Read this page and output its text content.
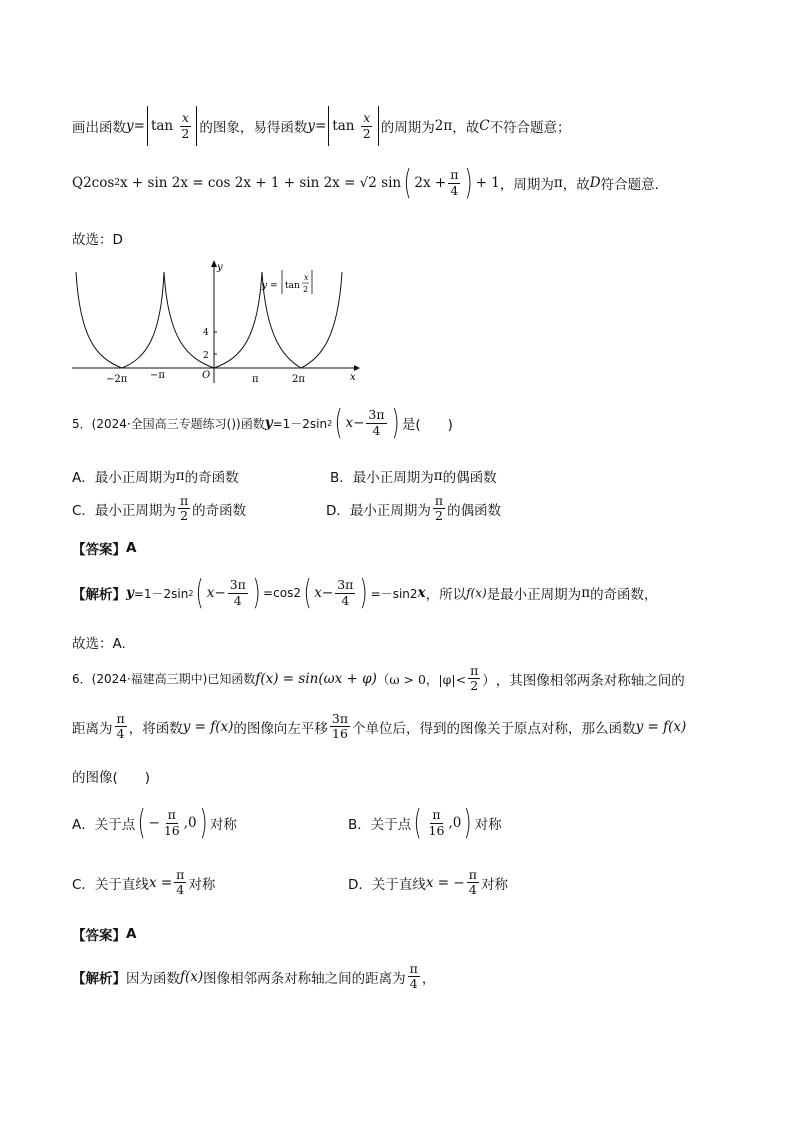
画出函数 y = tan
$\frac{x}{2}$ 的图象，易得函数 y = tan
$\frac{x}{2}$ 的周期为 2π ，故 C 不符合题意；
Q 2cos 2 x + sin 2x = cos 2x + 1 + sin 2x = √2 sin ( $2x + \frac{\pi}{4}$ ) + 1 ，周期为 π ，故 D 符合题意.
故选：D
y
x
4
2
−2π −π	O	π	2π
y = tan
x
2
5．(2024·全国高三专题练习())函数 y =1－2sin 2 ( $x - \frac{3\pi}{4}$ ) 是(　　)
A．最小正周期为 π 的奇函数	B．最小正周期为 π 的偶函数
C．最小正周期为 $\frac{\pi}{2}$ 的奇函数	D．最小正周期为 $\frac{\pi}{2}$ 的偶函数
【答案】 A
【解析】 y =1－2sin 2 ( $x - \frac{3\pi}{4}$ ) =cos2 ( $x - \frac{3\pi}{4}$ ) =－sin2 x ，所以 f(x) 是最小正周期为 π 的奇函数，
故选：A.
6．(2024·福建高三期中)已知函数 f(x) = sin(ωx + φ) （ω > 0，$|\varphi|< \frac{\pi}{2}$ ） ，其图像相邻两条对称轴之间的
距离为 $\frac{\pi}{4}$ ，将函数 y = f(x) 的图像向左平移 $\frac{3\pi}{16}$ 个单位后，得到的图像关于原点对称，那么函数 y = f(x)
的图像(　　)
A．关于点 ( − $\frac{\pi}{16} ,0$ ) 对称	B．关于点 ( $\frac{\pi}{16} ,0$ ) 对称
C．关于直线 $x = \frac{\pi}{4}$ 对称	D．关于直线 x = − $\frac{\pi}{4}$ 对称
【答案】 A
【解析】 因为函数 f(x) 图像相邻两条对称轴之间的距离为 $\frac{\pi}{4}$ ，
